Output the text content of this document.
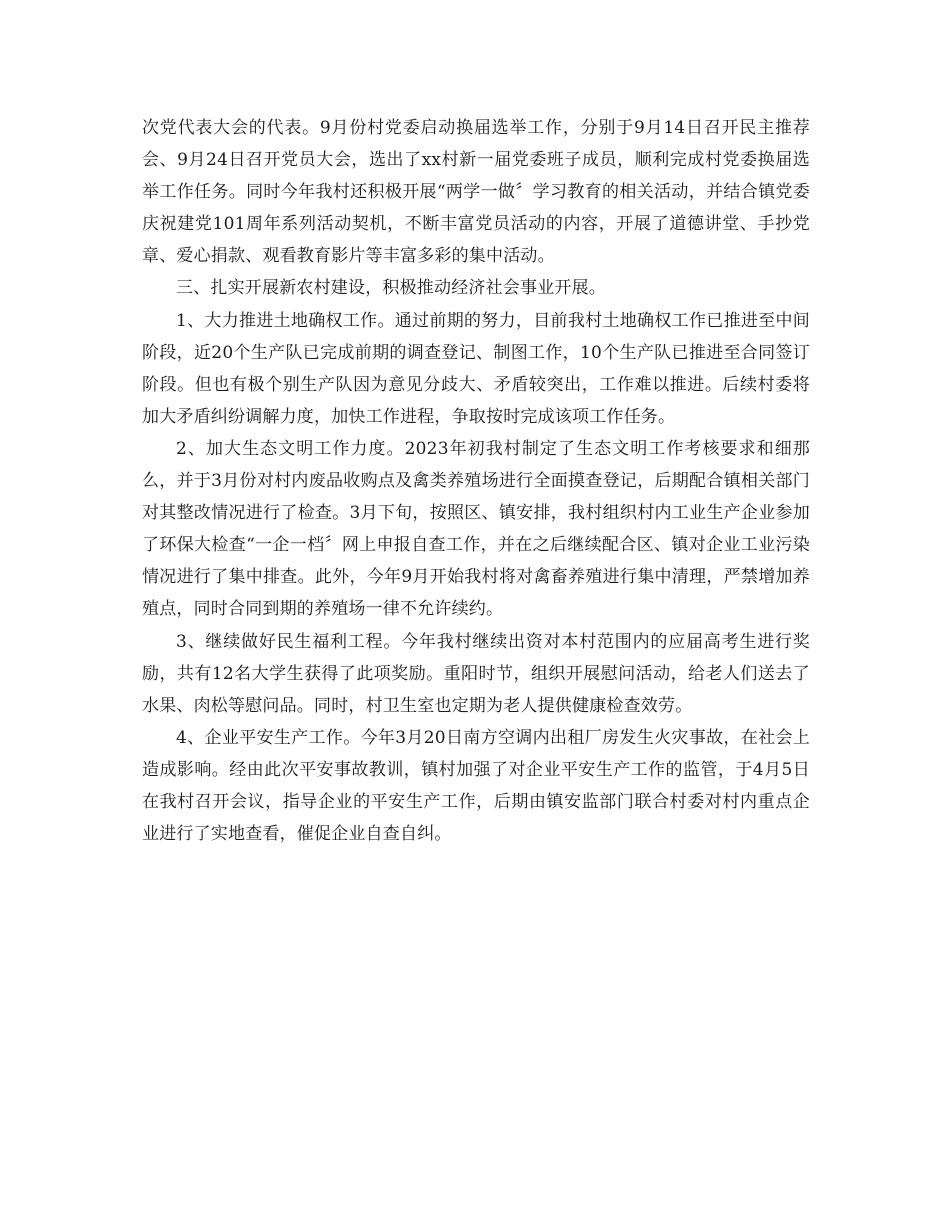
次党代表大会的代表。9月份村党委启动换届选举工作，分别于9月14日召开民主推荐会、9月24日召开党员大会，选出了xx村新一届党委班子成员，顺利完成村党委换届选举工作任务。同时今年我村还积极开展“两学一做〞学习教育的相关活动，并结合镇党委庆祝建党101周年系列活动契机，不断丰富党员活动的内容，开展了道德讲堂、手抄党章、爱心捐款、观看教育影片等丰富多彩的集中活动。

三、扎实开展新农村建设，积极推动经济社会事业开展。

1、大力推进土地确权工作。通过前期的努力，目前我村土地确权工作已推进至中间阶段，近20个生产队已完成前期的调查登记、制图工作，10个生产队已推进至合同签订阶段。但也有极个别生产队因为意见分歧大、矛盾较突出，工作难以推进。后续村委将加大矛盾纠纷调解力度，加快工作进程，争取按时完成该项工作任务。

2、加大生态文明工作力度。2023年初我村制定了生态文明工作考核要求和细那么，并于3月份对村内废品收购点及禽类养殖场进行全面摸查登记，后期配合镇相关部门对其整改情况进行了检查。3月下旬，按照区、镇安排，我村组织村内工业生产企业参加了环保大检查“一企一档〞网上申报自查工作，并在之后继续配合区、镇对企业工业污染情况进行了集中排查。此外，今年9月开始我村将对禽畜养殖进行集中清理，严禁增加养殖点，同时合同到期的养殖场一律不允许续约。

3、继续做好民生福利工程。今年我村继续出资对本村范围内的应届高考生进行奖励，共有12名大学生获得了此项奖励。重阳时节，组织开展慰问活动，给老人们送去了水果、肉松等慰问品。同时，村卫生室也定期为老人提供健康检查效劳。

4、企业平安生产工作。今年3月20日南方空调内出租厂房发生火灾事故，在社会上造成影响。经由此次平安事故教训，镇村加强了对企业平安生产工作的监管，于4月5日在我村召开会议，指导企业的平安生产工作，后期由镇安监部门联合村委对村内重点企业进行了实地查看，催促企业自查自纠。
